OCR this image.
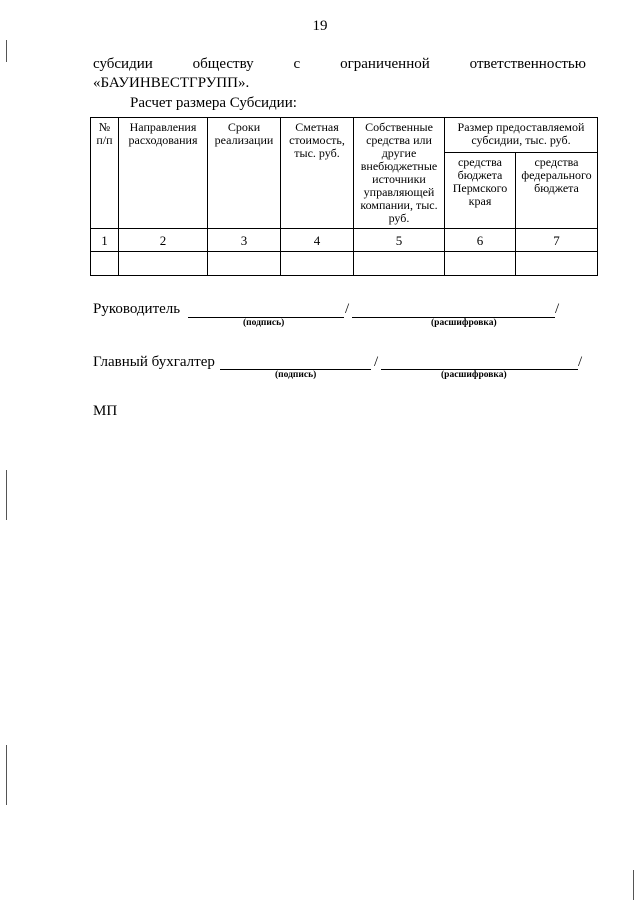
19
субсидии	обществу	с	ограниченной	ответственностью
«БАУИНВЕСТГРУПП».
Расчет размера Субсидии:
№ п/п	Направления расходования	Сроки реализации	Сметная стоимость, тыс. руб.	Собственные средства или другие внебюджетные источники управляющей компании, тыс. руб.	Размер предоставляемой субсидии, тыс. руб.	
					средства бюджета Пермского края	средства федерального бюджета
1	2	3	4	5	6	7

Руководитель	/	/
(подпись)	(расшифровка)
Главный бухгалтер	/	/
(подпись)	(расшифровка)
МП
